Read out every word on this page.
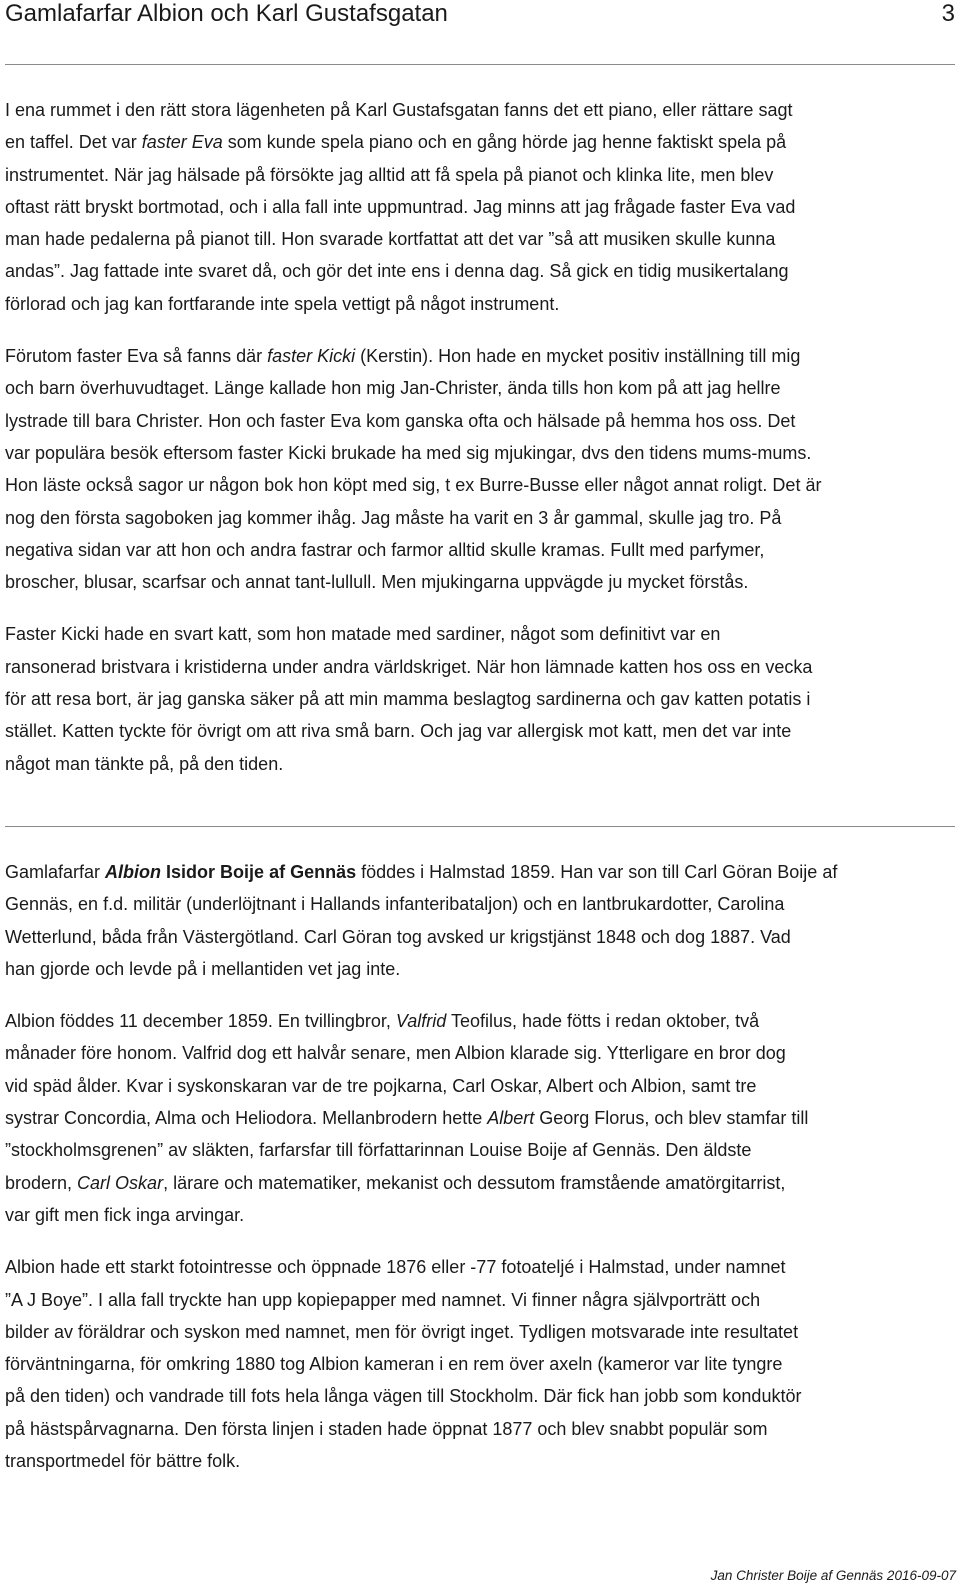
Gamlafarfar Albion och Karl Gustafsgatan	3

I ena rummet i den rätt stora lägenheten på Karl Gustafsgatan fanns det ett piano, eller rättare sagt
en taffel. Det var faster Eva som kunde spela piano och en gång hörde jag henne faktiskt spela på
instrumentet. När jag hälsade på försökte jag alltid att få spela på pianot och klinka lite, men blev
oftast rätt bryskt bortmotad, och i alla fall inte uppmuntrad. Jag minns att jag frågade faster Eva vad
man hade pedalerna på pianot till. Hon svarade kortfattat att det var ”så att musiken skulle kunna
andas”. Jag fattade inte svaret då, och gör det inte ens i denna dag. Så gick en tidig musikertalang
förlorad och jag kan fortfarande inte spela vettigt på något instrument.

Förutom faster Eva så fanns där faster Kicki (Kerstin). Hon hade en mycket positiv inställning till mig
och barn överhuvudtaget. Länge kallade hon mig Jan-Christer, ända tills hon kom på att jag hellre
lystrade till bara Christer. Hon och faster Eva kom ganska ofta och hälsade på hemma hos oss. Det
var populära besök eftersom faster Kicki brukade ha med sig mjukingar, dvs den tidens mums-mums.
Hon läste också sagor ur någon bok hon köpt med sig, t ex Burre-Busse eller något annat roligt. Det är
nog den första sagoboken jag kommer ihåg. Jag måste ha varit en 3 år gammal, skulle jag tro. På
negativa sidan var att hon och andra fastrar och farmor alltid skulle kramas. Fullt med parfymer,
broscher, blusar, scarfsar och annat tant-lullull. Men mjukingarna uppvägde ju mycket förstås.

Faster Kicki hade en svart katt, som hon matade med sardiner, något som definitivt var en
ransonerad bristvara i kristiderna under andra världskriget. När hon lämnade katten hos oss en vecka
för att resa bort, är jag ganska säker på att min mamma beslagtog sardinerna och gav katten potatis i
stället. Katten tyckte för övrigt om att riva små barn. Och jag var allergisk mot katt, men det var inte
något man tänkte på, på den tiden.

Gamlafarfar Albion Isidor Boije af Gennäs föddes i Halmstad 1859. Han var son till Carl Göran Boije af
Gennäs, en f.d. militär (underlöjtnant i Hallands infanteribataljon) och en lantbrukardotter, Carolina
Wetterlund, båda från Västergötland. Carl Göran tog avsked ur krigstjänst 1848 och dog 1887. Vad
han gjorde och levde på i mellantiden vet jag inte.

Albion föddes 11 december 1859. En tvillingbror, Valfrid Teofilus, hade fötts i redan oktober, två
månader före honom. Valfrid dog ett halvår senare, men Albion klarade sig. Ytterligare en bror dog
vid späd ålder. Kvar i syskonskaran var de tre pojkarna, Carl Oskar, Albert och Albion, samt tre
systrar Concordia, Alma och Heliodora. Mellanbrodern hette Albert Georg Florus, och blev stamfar till
”stockholmsgrenen” av släkten, farfarsfar till författarinnan Louise Boije af Gennäs. Den äldste
brodern, Carl Oskar, lärare och matematiker, mekanist och dessutom framstående amatörgitarrist,
var gift men fick inga arvingar.

Albion hade ett starkt fotointresse och öppnade 1876 eller -77 fotoateljé i Halmstad, under namnet
”A J Boye”. I alla fall tryckte han upp kopiepapper med namnet. Vi finner några självporträtt och
bilder av föräldrar och syskon med namnet, men för övrigt inget. Tydligen motsvarade inte resultatet
förväntningarna, för omkring 1880 tog Albion kameran i en rem över axeln (kameror var lite tyngre
på den tiden) och vandrade till fots hela långa vägen till Stockholm. Där fick han jobb som konduktör
på hästspårvagnarna. Den första linjen i staden hade öppnat 1877 och blev snabbt populär som
transportmedel för bättre folk.

Jan Christer Boije af Gennäs 2016-09-07
